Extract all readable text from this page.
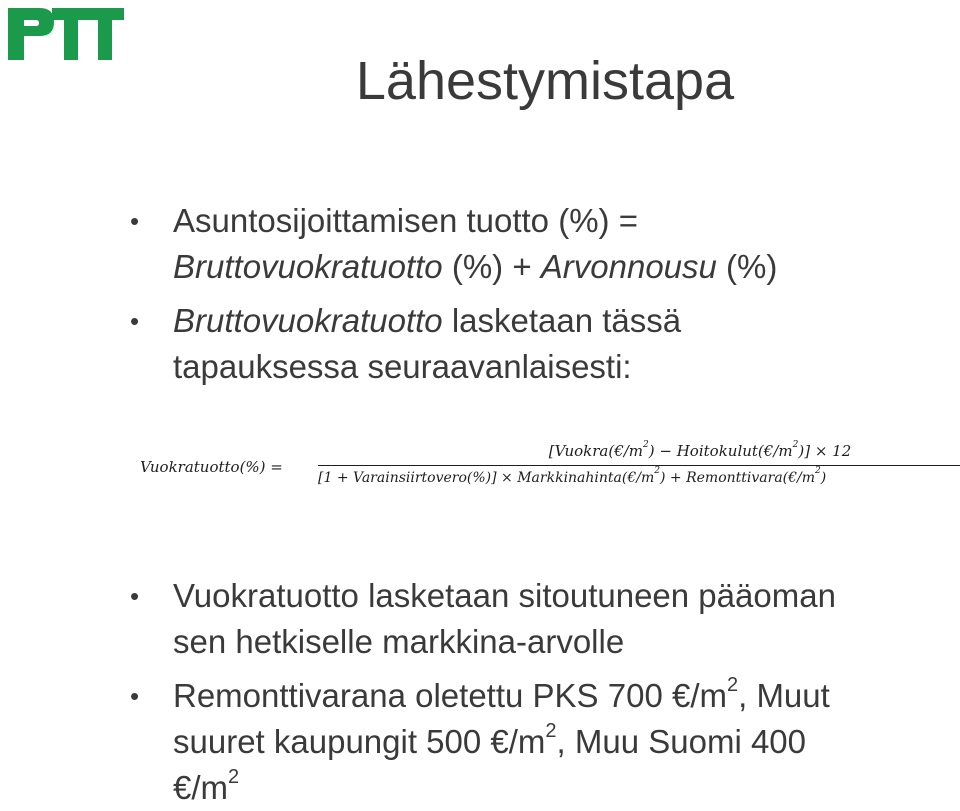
Lähestymistapa
• Asuntosijoittamisen tuotto (%) =
Bruttovuokratuotto (%) + Arvonnousu (%)
• Bruttovuokratuotto lasketaan tässä
tapauksessa seuraavanlaisesti:
Vuokratuotto(%) =
[$Vuokra(€/m^2)$ − $Hoitokulut(€/m^2)] \times 12$
[1 + Varainsiirtovero(%)] × $Markkinahinta(€/m^2)$ + $Remonttivara(€/m^2)$
• Vuokratuotto lasketaan sitoutuneen pääoman
sen hetkiselle markkina-arvolle
• Remonttivarana oletettu PKS 700 $€/m^2$, Muut
suuret kaupungit 500 $€/m^2$, Muu Suomi 400
$€/m^2$
